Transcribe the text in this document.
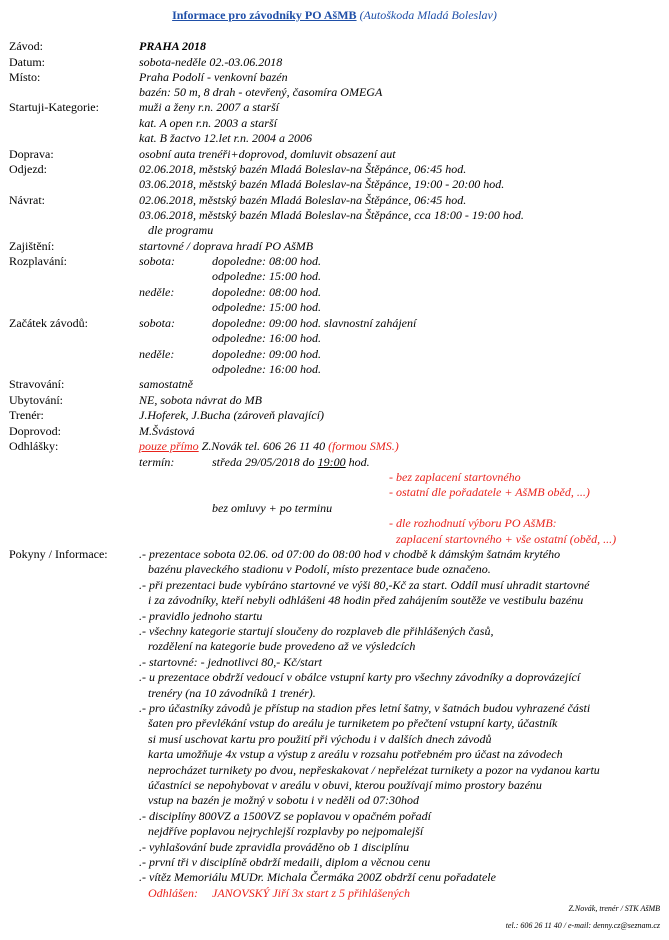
Informace pro závodníky PO AšMB (Autoškoda Mladá Boleslav)
Závod:	PRAHA 2018
Datum:	sobota-neděle 02.-03.06.2018
Místo:	Praha Podolí - venkovní bazén
bazén: 50 m, 8 drah - otevřený, časomíra OMEGA
Startuji-Kategorie:	muži a ženy r.n. 2007 a starší
kat. A open r.n. 2003 a starší
kat. B žactvo 12.let r.n. 2004 a 2006
Doprava:	osobní auta trenéři+doprovod, domluvit obsazení aut
Odjezd:	02.06.2018, městský bazén Mladá Boleslav-na Štěpánce, 06:45 hod.
03.06.2018, městský bazén Mladá Boleslav-na Štěpánce, 19:00 - 20:00 hod.
Návrat:	02.06.2018, městský bazén Mladá Boleslav-na Štěpánce, 06:45 hod.
03.06.2018, městský bazén Mladá Boleslav-na Štěpánce, cca 18:00 - 19:00 hod.
dle programu
Zajištění:	startovné / doprava hradí PO AšMB
Rozplavání:	sobota:	dopoledne: 08:00 hod.
odpoledne: 15:00 hod.
neděle:	dopoledne: 08:00 hod.
odpoledne: 15:00 hod.
Začátek závodů:	sobota:	dopoledne: 09:00 hod. slavnostní zahájení
odpoledne: 16:00 hod.
neděle:	dopoledne: 09:00 hod.
odpoledne: 16:00 hod.
Stravování:	samostatně
Ubytování:	NE, sobota návrat do MB
Trenér:	J.Hoferek, J.Bucha (zároveň plavající)
Doprovod:	M.Švástová
Odhlášky:	pouze přímo Z.Novák tel. 606 26 11 40 (formou SMS.)
termín:	středa 29/05/2018 do 19:00 hod.
- bez zaplacení startovného
- ostatní dle pořadatele + AšMB oběd, ...)
bez omluvy + po terminu
- dle rozhodnutí výboru PO AšMB:
zaplacení startovného + vše ostatní (oběd, ...)
Pokyny / Informace:	.- prezentace sobota 02.06. od 07:00 do 08:00 hod v chodbě k dámským šatnám krytého
bazénu plaveckého stadionu v Podolí, místo prezentace bude označeno.
.- při prezentaci bude vybíráno startovné ve výši 80,-Kč za start. Oddíl musí uhradit startovné
i za závodníky, kteří nebyli odhlášeni 48 hodin před zahájením soutěže ve vestibulu bazénu
.- pravidlo jednoho startu
.- všechny kategorie startují sloučeny do rozplaveb dle přihlášených časů,
rozdělení na kategorie bude provedeno až ve výsledcích
.- startovné: - jednotlivci 80,- Kč/start
.- u prezentace obdrží vedoucí v obálce vstupní karty pro všechny závodníky a doprovázející
trenéry (na 10 závodníků 1 trenér).
.- pro účastníky závodů je přístup na stadion přes letní šatny, v šatnách budou vyhrazené části
šaten pro převlékání vstup do areálu je turniketem po přečtení vstupní karty, účastník
si musí uschovat kartu pro použití při východu i v dalších dnech závodů
karta umožňuje 4x vstup a výstup z areálu v rozsahu potřebném pro účast na závodech
neprocházet turnikety po dvou, nepřeskakovat / nepřelézat turnikety a pozor na vydanou kartu
účastníci se nepohybovat v areálu v obuvi, kterou používají mimo prostory bazénu
vstup na bazén je možný v sobotu i v neděli od 07:30hod
.- disciplíny 800VZ a 1500VZ se poplavou v opačném pořadí
nejdříve poplavou nejrychlejší rozplavby po nejpomalejší
.- vyhlašování bude zpravidla prováděno ob 1 disciplínu
.- první tři v disciplíně obdrží medaili, diplom a věcnou cenu
.- vítěz Memoriálu MUDr. Michala Čermáka 200Z obdrží cenu pořadatele
Odhlášen: JANOVSKÝ Jiří 3x start z 5 přihlášených
Z.Novák, trenér / STK AšMB
tel.: 606 26 11 40 / e-mail: denny.cz@seznam.cz
